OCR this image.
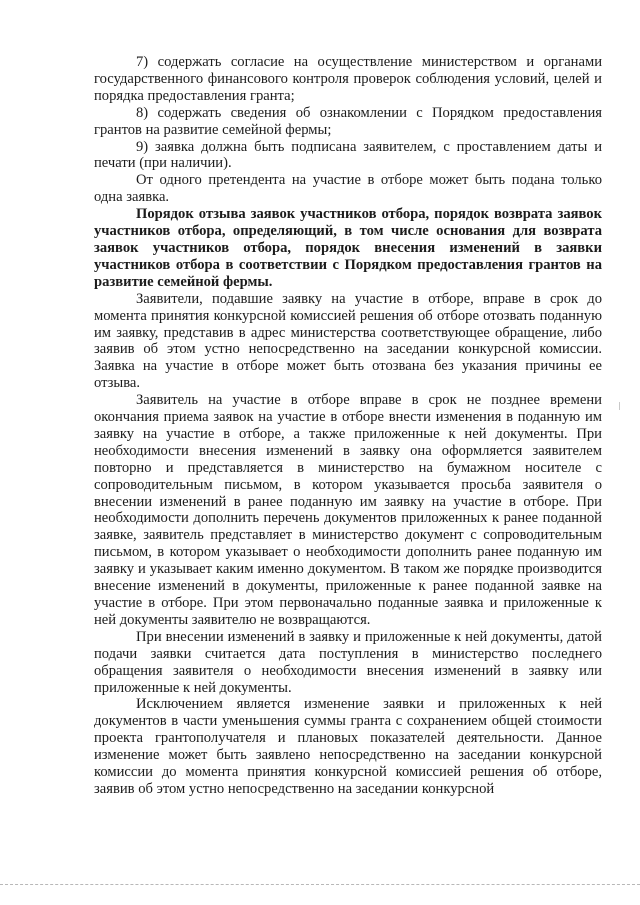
7) содержать согласие на осуществление министерством и органами государственного финансового контроля проверок соблюдения условий, целей и порядка предоставления гранта;

8) содержать сведения об ознакомлении с Порядком предоставления грантов на развитие семейной фермы;

9) заявка должна быть подписана заявителем, с проставлением даты и печати (при наличии).

От одного претендента на участие в отборе может быть подана только одна заявка.

Порядок отзыва заявок участников отбора, порядок возврата заявок участников отбора, определяющий, в том числе основания для возврата заявок участников отбора, порядок внесения изменений в заявки участников отбора в соответствии с Порядком предоставления грантов на развитие семейной фермы.

Заявители, подавшие заявку на участие в отборе, вправе в срок до момента принятия конкурсной комиссией решения об отборе отозвать поданную им заявку, представив в адрес министерства соответствующее обращение, либо заявив об этом устно непосредственно на заседании конкурсной комиссии. Заявка на участие в отборе может быть отозвана без указания причины ее отзыва.

Заявитель на участие в отборе вправе в срок не позднее времени окончания приема заявок на участие в отборе внести изменения в поданную им заявку на участие в отборе, а также приложенные к ней документы. При необходимости внесения изменений в заявку она оформляется заявителем повторно и представляется в министерство на бумажном носителе с сопроводительным письмом, в котором указывается просьба заявителя о внесении изменений в ранее поданную им заявку на участие в отборе. При необходимости дополнить перечень документов приложенных к ранее поданной заявке, заявитель представляет в министерство документ с сопроводительным письмом, в котором указывает о необходимости дополнить ранее поданную им заявку и указывает каким именно документом. В таком же порядке производится внесение изменений в документы, приложенные к ранее поданной заявке на участие в отборе. При этом первоначально поданные заявка и приложенные к ней документы заявителю не возвращаются.

При внесении изменений в заявку и приложенные к ней документы, датой подачи заявки считается дата поступления в министерство последнего обращения заявителя о необходимости внесения изменений в заявку или приложенные к ней документы.

Исключением является изменение заявки и приложенных к ней документов в части уменьшения суммы гранта с сохранением общей стоимости проекта грантополучателя и плановых показателей деятельности. Данное изменение может быть заявлено непосредственно на заседании конкурсной комиссии до момента принятия конкурсной комиссией решения об отборе, заявив об этом устно непосредственно на заседании конкурсной
